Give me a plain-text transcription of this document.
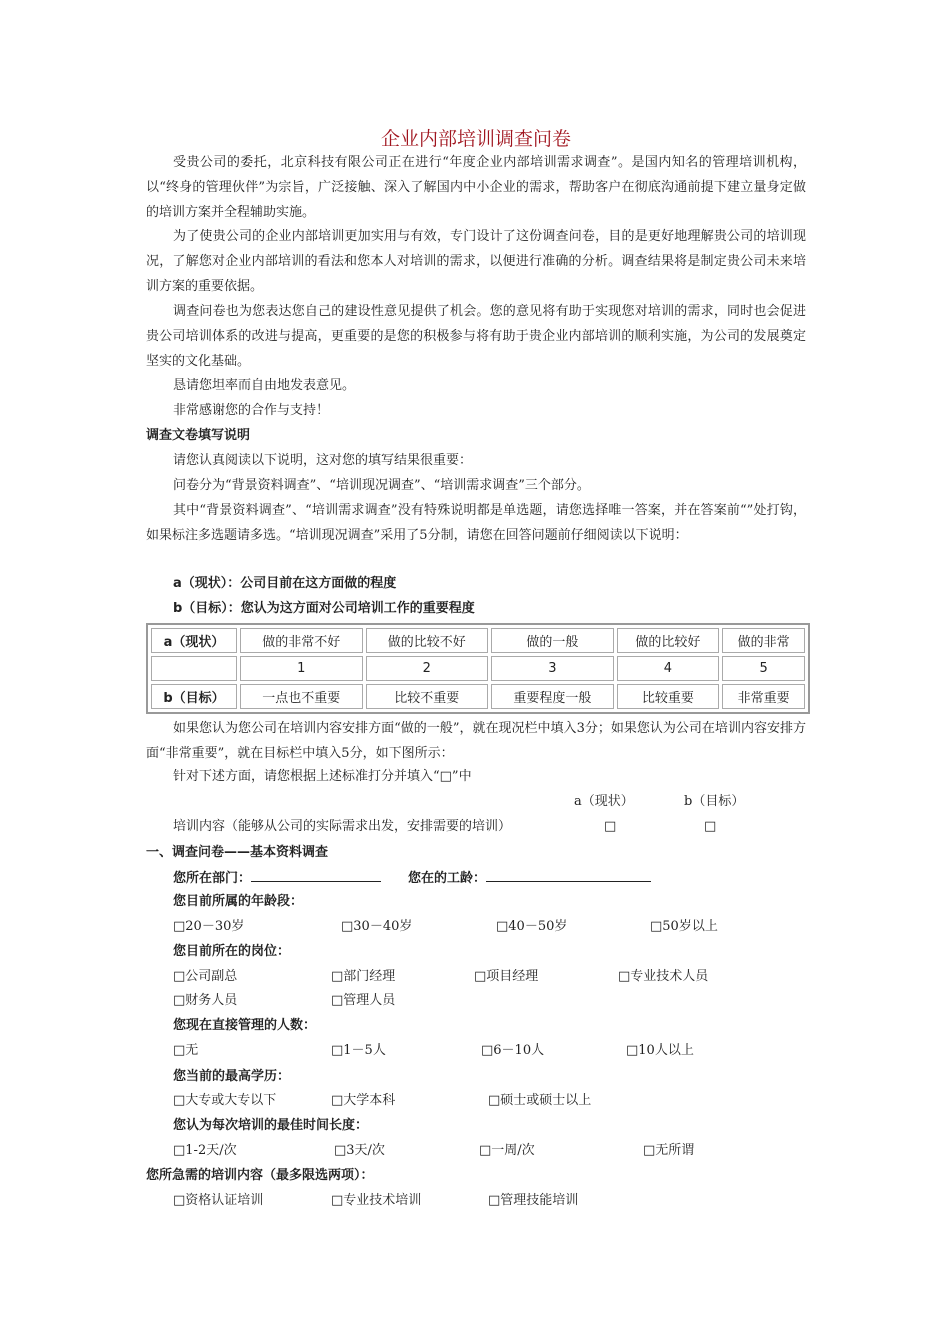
企业内部培训调查问卷
受贵公司的委托，北京科技有限公司正在进行“年度企业内部培训需求调查”。是国内知名的管理培训机构，以“终身的管理伙伴”为宗旨，广泛接触、深入了解国内中小企业的需求，帮助客户在彻底沟通前提下建立量身定做的培训方案并全程辅助实施。
为了使贵公司的企业内部培训更加实用与有效，专门设计了这份调查问卷，目的是更好地理解贵公司的培训现况，了解您对企业内部培训的看法和您本人对培训的需求，以便进行准确的分析。调查结果将是制定贵公司未来培训方案的重要依据。
调查问卷也为您表达您自己的建设性意见提供了机会。您的意见将有助于实现您对培训的需求，同时也会促进贵公司培训体系的改进与提高，更重要的是您的积极参与将有助于贵企业内部培训的顺利实施，为公司的发展奠定坚实的文化基础。
恳请您坦率而自由地发表意见。
非常感谢您的合作与支持！
调查文卷填写说明
请您认真阅读以下说明，这对您的填写结果很重要：
问卷分为“背景资料调查”、“培训现况调查”、“培训需求调查”三个部分。
其中“背景资料调查”、“培训需求调查”没有特殊说明都是单选题，请您选择唯一答案，并在答案前“”处打钩，如果标注多选题请多选。“培训现况调查”采用了5分制，请您在回答问题前仔细阅读以下说明：
a（现状）：公司目前在这方面做的程度
b（目标）：您认为这方面对公司培训工作的重要程度
a（现状）	做的非常不好	做的比较不好	做的一般	做的比较好	做的非常
	1	2	3	4	5
b（目标）	一点也不重要	比较不重要	重要程度一般	比较重要	非常重要
如果您认为您公司在培训内容安排方面“做的一般”，就在现况栏中填入3分；如果您认为公司在培训内容安排方面“非常重要”，就在目标栏中填入5分，如下图所示：
针对下述方面，请您根据上述标准打分并填入“□”中
a（现状）	b（目标）
培训内容（能够从公司的实际需求出发，安排需要的培训）	□	□
一、调查问卷——基本资料调查
您所在部门：	您在的工龄：
您目前所属的年龄段：
□20－30岁	□30－40岁	□40－50岁	□50岁以上
您目前所在的岗位：
□公司副总	□部门经理	□项目经理	□专业技术人员
□财务人员	□管理人员
您现在直接管理的人数：
□无	□1－5人	□6－10人	□10人以上
您当前的最高学历：
□大专或大专以下	□大学本科	□硕士或硕士以上
您认为每次培训的最佳时间长度：
□1-2天/次	□3天/次	□一周/次	□无所谓
您所急需的培训内容（最多限选两项）：
□资格认证培训	□专业技术培训	□管理技能培训
